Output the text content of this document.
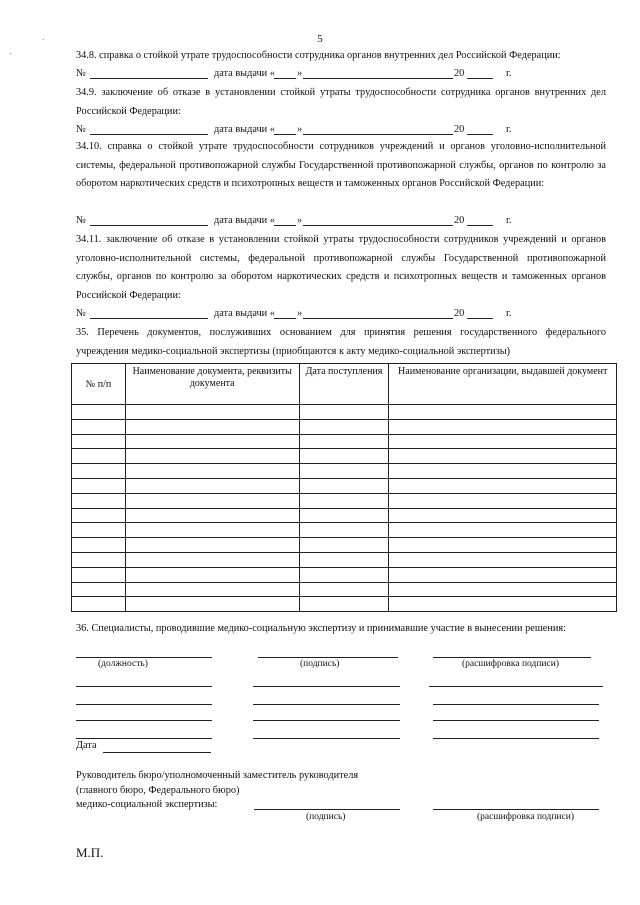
,
·	5
34.8. справка о стойкой утрате трудоспособности сотрудника органов внутренних дел Российской Федерации:
№	дата выдачи « »	20	г.
34.9. заключение об отказе в установлении стойкой утраты трудоспособности сотрудника органов внутренних дел Российской Федерации:
№	дата выдачи « »	20	г.
34.10. справка о стойкой утрате трудоспособности сотрудников учреждений и органов уголовно-исполнительной системы, федеральной противопожарной службы Государственной противопожарной службы, органов по контролю за оборотом наркотических средств и психотропных веществ и таможенных органов Российской Федерации:
№	дата выдачи « »	20	г.
34.11. заключение об отказе в установлении стойкой утраты трудоспособности сотрудников учреждений и органов уголовно-исполнительной системы, федеральной противопожарной службы Государственной противопожарной службы, органов по контролю за оборотом наркотических средств и психотропных веществ и таможенных органов Российской Федерации:
№	дата выдачи « »	20	г.
35. Перечень документов, послуживших основанием для принятия решения государственного федерального учреждения медико-социальной экспертизы (приобщаются к акту медико-социальной экспертизы)
№ п/п	Наименование документа, реквизиты документа	Дата поступления	Наименование организации, выдавшей документ

36. Специалисты, проводившие медико-социальную экспертизу и принимавшие участие в вынесении решения:
(должность)	(подпись)	(расшифровка подписи)
Дата
Руководитель бюро/уполномоченный заместитель руководителя
(главного бюро, Федерального бюро)
медико-социальной экспертизы:
(подпись)	(расшифровка подписи)
М.П.
